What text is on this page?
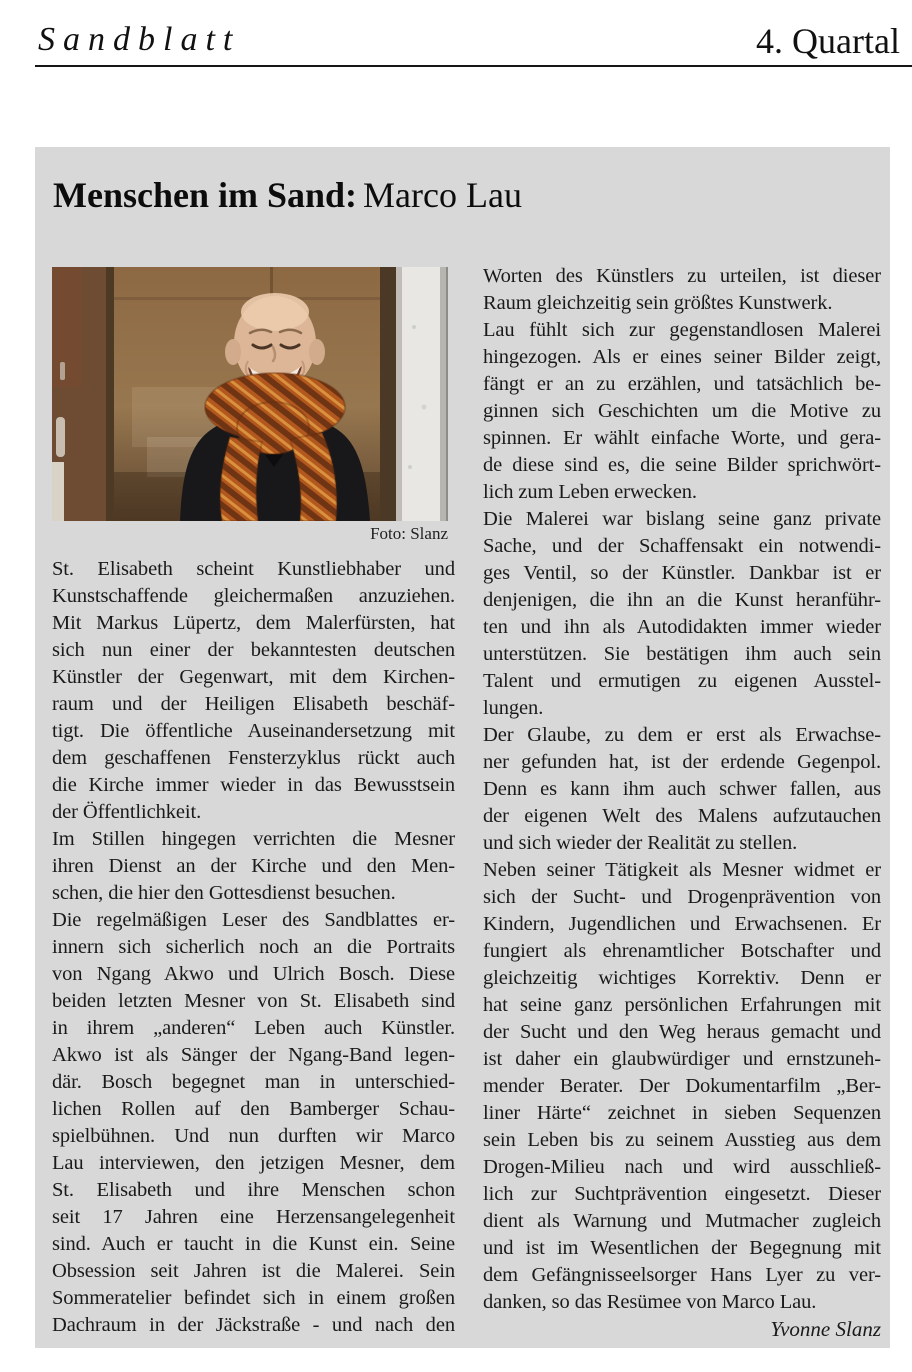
Sandblatt	4. Quartal
Menschen im Sand: Marco Lau
Foto: Slanz
St. Elisabeth scheint Kunstliebhaber und
Kunstschaffende gleichermaßen anzuziehen.
Mit Markus Lüpertz, dem Malerfürsten, hat
sich nun einer der bekanntesten deutschen
Künstler der Gegenwart, mit dem Kirchen-
raum und der Heiligen Elisabeth beschäf-
tigt. Die öffentliche Auseinandersetzung mit
dem geschaffenen Fensterzyklus rückt auch
die Kirche immer wieder in das Bewusstsein
der Öffentlichkeit.
Im Stillen hingegen verrichten die Mesner
ihren Dienst an der Kirche und den Men-
schen, die hier den Gottesdienst besuchen.
Die regelmäßigen Leser des Sandblattes er-
innern sich sicherlich noch an die Portraits
von Ngang Akwo und Ulrich Bosch. Diese
beiden letzten Mesner von St. Elisabeth sind
in ihrem „anderen“ Leben auch Künstler.
Akwo ist als Sänger der Ngang-Band legen-
där. Bosch begegnet man in unterschied-
lichen Rollen auf den Bamberger Schau-
spielbühnen. Und nun durften wir Marco
Lau interviewen, den jetzigen Mesner, dem
St. Elisabeth und ihre Menschen schon
seit 17 Jahren eine Herzensangelegenheit
sind. Auch er taucht in die Kunst ein. Seine
Obsession seit Jahren ist die Malerei. Sein
Sommeratelier befindet sich in einem großen
Dachraum in der Jäckstraße - und nach den
Worten des Künstlers zu urteilen, ist dieser
Raum gleichzeitig sein größtes Kunstwerk.
Lau fühlt sich zur gegenstandlosen Malerei
hingezogen. Als er eines seiner Bilder zeigt,
fängt er an zu erzählen, und tatsächlich be-
ginnen sich Geschichten um die Motive zu
spinnen. Er wählt einfache Worte, und gera-
de diese sind es, die seine Bilder sprichwört-
lich zum Leben erwecken.
Die Malerei war bislang seine ganz private
Sache, und der Schaffensakt ein notwendi-
ges Ventil, so der Künstler. Dankbar ist er
denjenigen, die ihn an die Kunst heranführ-
ten und ihn als Autodidakten immer wieder
unterstützen. Sie bestätigen ihm auch sein
Talent und ermutigen zu eigenen Ausstel-
lungen.
Der Glaube, zu dem er erst als Erwachse-
ner gefunden hat, ist der erdende Gegenpol.
Denn es kann ihm auch schwer fallen, aus
der eigenen Welt des Malens aufzutauchen
und sich wieder der Realität zu stellen.
Neben seiner Tätigkeit als Mesner widmet er
sich der Sucht- und Drogenprävention von
Kindern, Jugendlichen und Erwachsenen. Er
fungiert als ehrenamtlicher Botschafter und
gleichzeitig wichtiges Korrektiv. Denn er
hat seine ganz persönlichen Erfahrungen mit
der Sucht und den Weg heraus gemacht und
ist daher ein glaubwürdiger und ernstzuneh-
mender Berater. Der Dokumentarfilm „Ber-
liner Härte“ zeichnet in sieben Sequenzen
sein Leben bis zu seinem Ausstieg aus dem
Drogen-Milieu nach und wird ausschließ-
lich zur Suchtprävention eingesetzt. Dieser
dient als Warnung und Mutmacher zugleich
und ist im Wesentlichen der Begegnung mit
dem Gefängnisseelsorger Hans Lyer zu ver-
danken, so das Resümee von Marco Lau.
Yvonne Slanz
